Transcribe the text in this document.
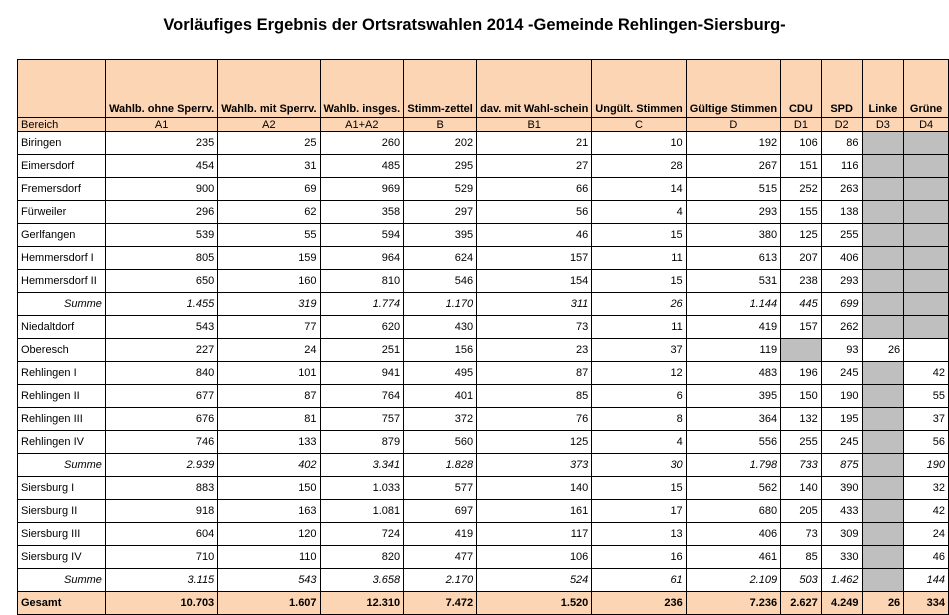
Vorläufiges Ergebnis der Ortsratswahlen 2014 -Gemeinde Rehlingen-Siersburg-
	Wahlb. ohne Sperrv.	Wahlb. mit Sperrv.	Wahlb. insges.	Stimm-zettel	dav. mit Wahl-schein	Ungült. Stimmen	Gültige Stimmen	CDU	SPD	Linke	Grüne
Bereich	A1	A2	A1+A2	B	B1	C	D	D1	D2	D3	D4
Biringen	235	25	260	202	21	10	192	106	86		
Eimersdorf	454	31	485	295	27	28	267	151	116		
Fremersdorf	900	69	969	529	66	14	515	252	263		
Fürweiler	296	62	358	297	56	4	293	155	138		
Gerlfangen	539	55	594	395	46	15	380	125	255		
Hemmersdorf I	805	159	964	624	157	11	613	207	406		
Hemmersdorf II	650	160	810	546	154	15	531	238	293		
Summe	1.455	319	1.774	1.170	311	26	1.144	445	699		
Niedaltdorf	543	77	620	430	73	11	419	157	262		
Oberesch	227	24	251	156	23	37	119		93	26	
Rehlingen I	840	101	941	495	87	12	483	196	245		42
Rehlingen II	677	87	764	401	85	6	395	150	190		55
Rehlingen III	676	81	757	372	76	8	364	132	195		37
Rehlingen IV	746	133	879	560	125	4	556	255	245		56
Summe	2.939	402	3.341	1.828	373	30	1.798	733	875		190
Siersburg I	883	150	1.033	577	140	15	562	140	390		32
Siersburg II	918	163	1.081	697	161	17	680	205	433		42
Siersburg III	604	120	724	419	117	13	406	73	309		24
Siersburg IV	710	110	820	477	106	16	461	85	330		46
Summe	3.115	543	3.658	2.170	524	61	2.109	503	1.462		144
Gesamt	10.703	1.607	12.310	7.472	1.520	236	7.236	2.627	4.249	26	334
